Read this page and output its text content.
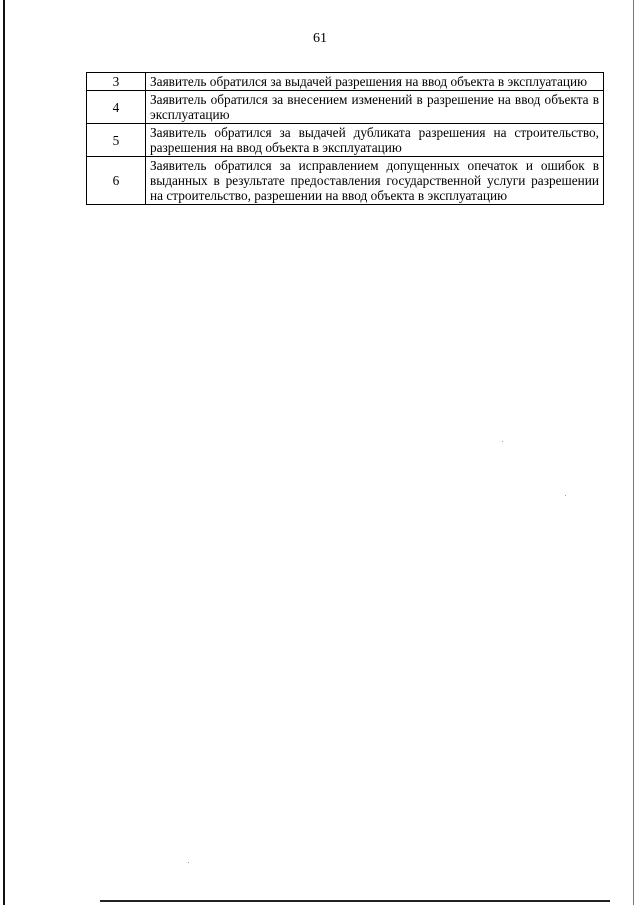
61
3	Заявитель обратился за выдачей разрешения на ввод объекта в эксплуатацию
4	Заявитель обратился за внесением изменений в разрешение на ввод объекта в эксплуатацию
5	Заявитель обратился за выдачей дубликата разрешения на строительство, разрешения на ввод объекта в эксплуатацию
6	Заявитель обратился за исправлением допущенных опечаток и ошибок в выданных в результате предоставления государственной услуги разрешении на строительство, разрешении на ввод объекта в эксплуатацию
